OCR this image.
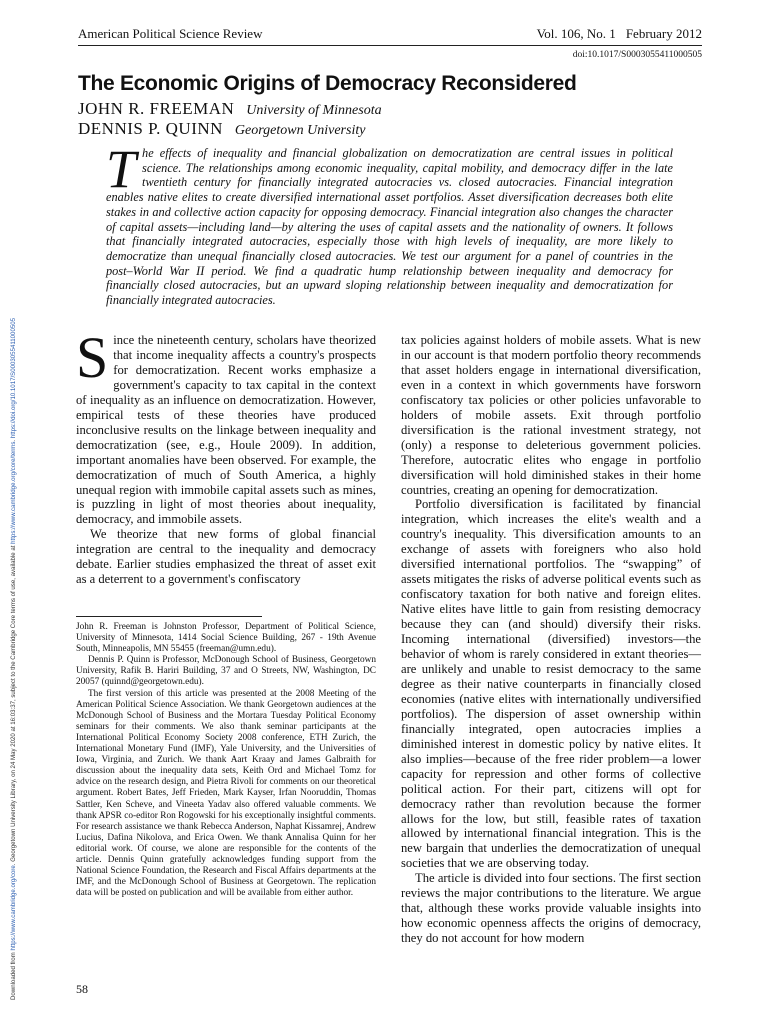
Downloaded from https://www.cambridge.org/core. Georgetown University Library, on 24 May 2020 at 16:03:37, subject to the Cambridge Core terms of use, available at https://www.cambridge.org/core/terms. https://doi.org/10.1017/S0003055411000505
American Political Science Review	Vol. 106, No. 1 February 2012
doi:10.1017/S0003055411000505
The Economic Origins of Democracy Reconsidered
JOHN R. FREEMAN University of Minnesota
DENNIS P. QUINN Georgetown University

The effects of inequality and financial globalization on democratization are central issues in political science. The relationships among economic inequality, capital mobility, and democracy differ in the late twentieth century for financially integrated autocracies vs. closed autocracies. Financial integration enables native elites to create diversified international asset portfolios. Asset diversification decreases both elite stakes in and collective action capacity for opposing democracy. Financial integration also changes the character of capital assets—including land—by altering the uses of capital assets and the nationality of owners. It follows that financially integrated autocracies, especially those with high levels of inequality, are more likely to democratize than unequal financially closed autocracies. We test our argument for a panel of countries in the post–World War II period. We find a quadratic hump relationship between inequality and democracy for financially closed autocracies, but an upward sloping relationship between inequality and democratization for financially integrated autocracies.

Since the nineteenth century, scholars have theorized that income inequality affects a country's prospects for democratization. Recent works emphasize a government's capacity to tax capital in the context of inequality as an influence on democratization. However, empirical tests of these theories have produced inconclusive results on the linkage between inequality and democratization (see, e.g., Houle 2009). In addition, important anomalies have been observed. For example, the democratization of much of South America, a highly unequal region with immobile capital assets such as mines, is puzzling in light of most theories about inequality, democracy, and immobile assets.

We theorize that new forms of global financial integration are central to the inequality and democracy debate. Earlier studies emphasized the threat of asset exit as a deterrent to a government's confiscatory

John R. Freeman is Johnston Professor, Department of Political Science, University of Minnesota, 1414 Social Science Building, 267 - 19th Avenue South, Minneapolis, MN 55455 (freeman@umn.edu).

Dennis P. Quinn is Professor, McDonough School of Business, Georgetown University, Rafik B. Hariri Building, 37 and O Streets, NW, Washington, DC 20057 (quinnd@georgetown.edu).

The first version of this article was presented at the 2008 Meeting of the American Political Science Association. We thank Georgetown audiences at the McDonough School of Business and the Mortara Tuesday Political Economy seminars for their comments. We also thank seminar participants at the International Political Economy Society 2008 conference, ETH Zurich, the International Monetary Fund (IMF), Yale University, and the Universities of Iowa, Virginia, and Zurich. We thank Aart Kraay and James Galbraith for discussion about the inequality data sets, Keith Ord and Michael Tomz for advice on the research design, and Pietra Rivoli for comments on our theoretical argument. Robert Bates, Jeff Frieden, Mark Kayser, Irfan Nooruddin, Thomas Sattler, Ken Scheve, and Vineeta Yadav also offered valuable comments. We thank APSR co-editor Ron Rogowski for his exceptionally insightful comments. For research assistance we thank Rebecca Anderson, Naphat Kissamrej, Andrew Lucius, Dafina Nikolova, and Erica Owen. We thank Annalisa Quinn for her editorial work. Of course, we alone are responsible for the contents of the article. Dennis Quinn gratefully acknowledges funding support from the National Science Foundation, the Research and Fiscal Affairs departments at the IMF, and the McDonough School of Business at Georgetown. The replication data will be posted on publication and will be available from either author.

tax policies against holders of mobile assets. What is new in our account is that modern portfolio theory recommends that asset holders engage in international diversification, even in a context in which governments have forsworn confiscatory tax policies or other policies unfavorable to holders of mobile assets. Exit through portfolio diversification is the rational investment strategy, not (only) a response to deleterious government policies. Therefore, autocratic elites who engage in portfolio diversification will hold diminished stakes in their home countries, creating an opening for democratization.

Portfolio diversification is facilitated by financial integration, which increases the elite's wealth and a country's inequality. This diversification amounts to an exchange of assets with foreigners who also hold diversified international portfolios. The “swapping” of assets mitigates the risks of adverse political events such as confiscatory taxation for both native and foreign elites. Native elites have little to gain from resisting democracy because they can (and should) diversify their risks. Incoming international (diversified) investors—the behavior of whom is rarely considered in extant theories—are unlikely and unable to resist democracy to the same degree as their native counterparts in financially closed economies (native elites with internationally undiversified portfolios). The dispersion of asset ownership within financially integrated, open autocracies implies a diminished interest in domestic policy by native elites. It also implies—because of the free rider problem—a lower capacity for repression and other forms of collective political action. For their part, citizens will opt for democracy rather than revolution because the former allows for the low, but still, feasible rates of taxation allowed by international financial integration. This is the new bargain that underlies the democratization of unequal societies that we are observing today.

The article is divided into four sections. The first section reviews the major contributions to the literature. We argue that, although these works provide valuable insights into how economic openness affects the origins of democracy, they do not account for how modern

58
